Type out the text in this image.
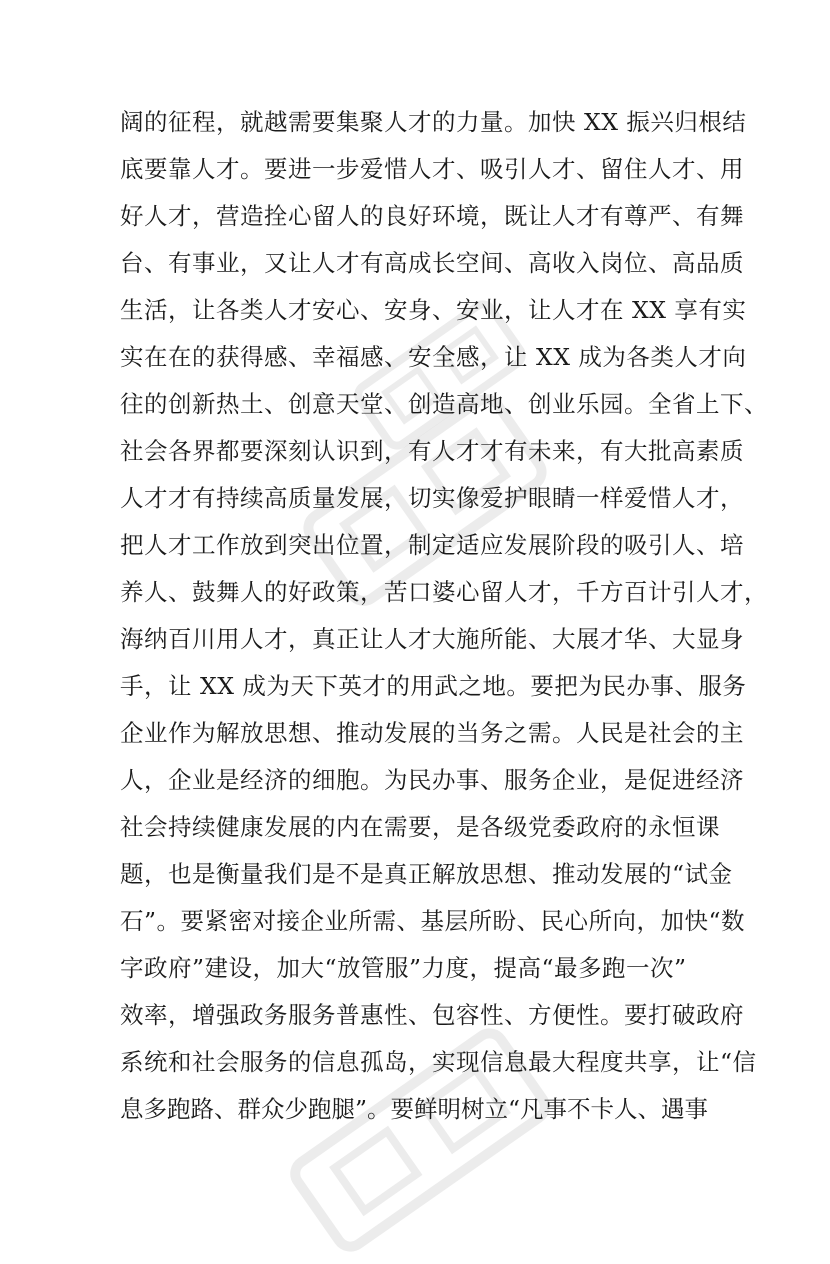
阔的征程，就越需要集聚人才的力量。加快 XX 振兴归根结
底要靠人才。要进一步爱惜人才、吸引人才、留住人才、用
好人才，营造拴心留人的良好环境，既让人才有尊严、有舞
台、有事业，又让人才有高成长空间、高收入岗位、高品质
生活，让各类人才安心、安身、安业，让人才在 XX 享有实
实在在的获得感、幸福感、安全感，让 XX 成为各类人才向
往的创新热土、创意天堂、创造高地、创业乐园。全省上下、
社会各界都要深刻认识到，有人才才有未来，有大批高素质
人才才有持续高质量发展，切实像爱护眼睛一样爱惜人才，
把人才工作放到突出位置，制定适应发展阶段的吸引人、培
养人、鼓舞人的好政策，苦口婆心留人才，千方百计引人才，
海纳百川用人才，真正让人才大施所能、大展才华、大显身
手，让 XX 成为天下英才的用武之地。要把为民办事、服务
企业作为解放思想、推动发展的当务之需。人民是社会的主
人，企业是经济的细胞。为民办事、服务企业，是促进经济
社会持续健康发展的内在需要，是各级党委政府的永恒课
题，也是衡量我们是不是真正解放思想、推动发展的“试金
石”。要紧密对接企业所需、基层所盼、民心所向，加快“数
字政府”建设，加大“放管服”力度，提高“最多跑一次”
效率，增强政务服务普惠性、包容性、方便性。要打破政府
系统和社会服务的信息孤岛，实现信息最大程度共享，让“信
息多跑路、群众少跑腿”。要鲜明树立“凡事不卡人、遇事
